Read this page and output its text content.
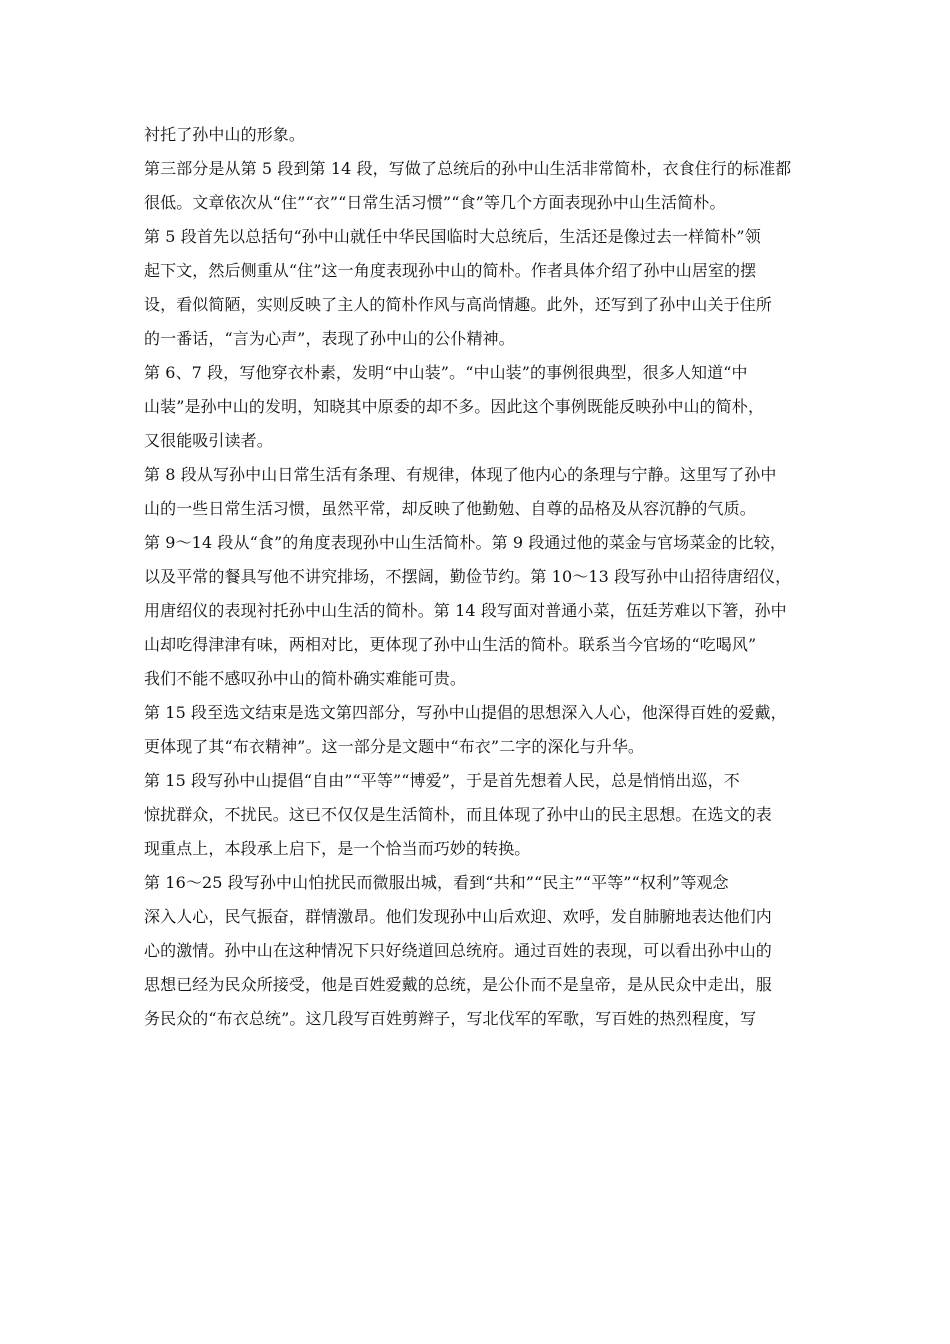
衬托了孙中山的形象。
第三部分是从第 5 段到第 14 段，写做了总统后的孙中山生活非常简朴，衣食住行的标准都
很低。文章依次从“住”“衣”“日常生活习惯”“食”等几个方面表现孙中山生活简朴。
第 5 段首先以总括句“孙中山就任中华民国临时大总统后，生活还是像过去一样简朴”领
起下文，然后侧重从“住”这一角度表现孙中山的简朴。作者具体介绍了孙中山居室的摆
设，看似简陋，实则反映了主人的简朴作风与高尚情趣。此外，还写到了孙中山关于住所
的一番话，“言为心声”，表现了孙中山的公仆精神。
第 6、7 段，写他穿衣朴素，发明“中山装”。“中山装”的事例很典型，很多人知道“中
山装”是孙中山的发明，知晓其中原委的却不多。因此这个事例既能反映孙中山的简朴，
又很能吸引读者。
第 8 段从写孙中山日常生活有条理、有规律，体现了他内心的条理与宁静。这里写了孙中
山的一些日常生活习惯，虽然平常，却反映了他勤勉、自尊的品格及从容沉静的气质。
第 9～14 段从“食”的角度表现孙中山生活简朴。第 9 段通过他的菜金与官场菜金的比较，
以及平常的餐具写他不讲究排场，不摆阔，勤俭节约。第 10～13 段写孙中山招待唐绍仪，
用唐绍仪的表现衬托孙中山生活的简朴。第 14 段写面对普通小菜，伍廷芳难以下箸，孙中
山却吃得津津有味，两相对比，更体现了孙中山生活的简朴。联系当今官场的“吃喝风”
我们不能不感叹孙中山的简朴确实难能可贵。
第 15 段至选文结束是选文第四部分，写孙中山提倡的思想深入人心，他深得百姓的爱戴，
更体现了其“布衣精神”。这一部分是文题中“布衣”二字的深化与升华。
第 15 段写孙中山提倡“自由”“平等”“博爱”，于是首先想着人民，总是悄悄出巡，不
惊扰群众，不扰民。这已不仅仅是生活简朴，而且体现了孙中山的民主思想。在选文的表
现重点上，本段承上启下，是一个恰当而巧妙的转换。
第 16～25 段写孙中山怕扰民而微服出城，看到“共和”“民主”“平等”“权利”等观念
深入人心，民气振奋，群情激昂。他们发现孙中山后欢迎、欢呼，发自肺腑地表达他们内
心的激情。孙中山在这种情况下只好绕道回总统府。通过百姓的表现，可以看出孙中山的
思想已经为民众所接受，他是百姓爱戴的总统，是公仆而不是皇帝，是从民众中走出，服
务民众的“布衣总统”。这几段写百姓剪辫子，写北伐军的军歌，写百姓的热烈程度，写
